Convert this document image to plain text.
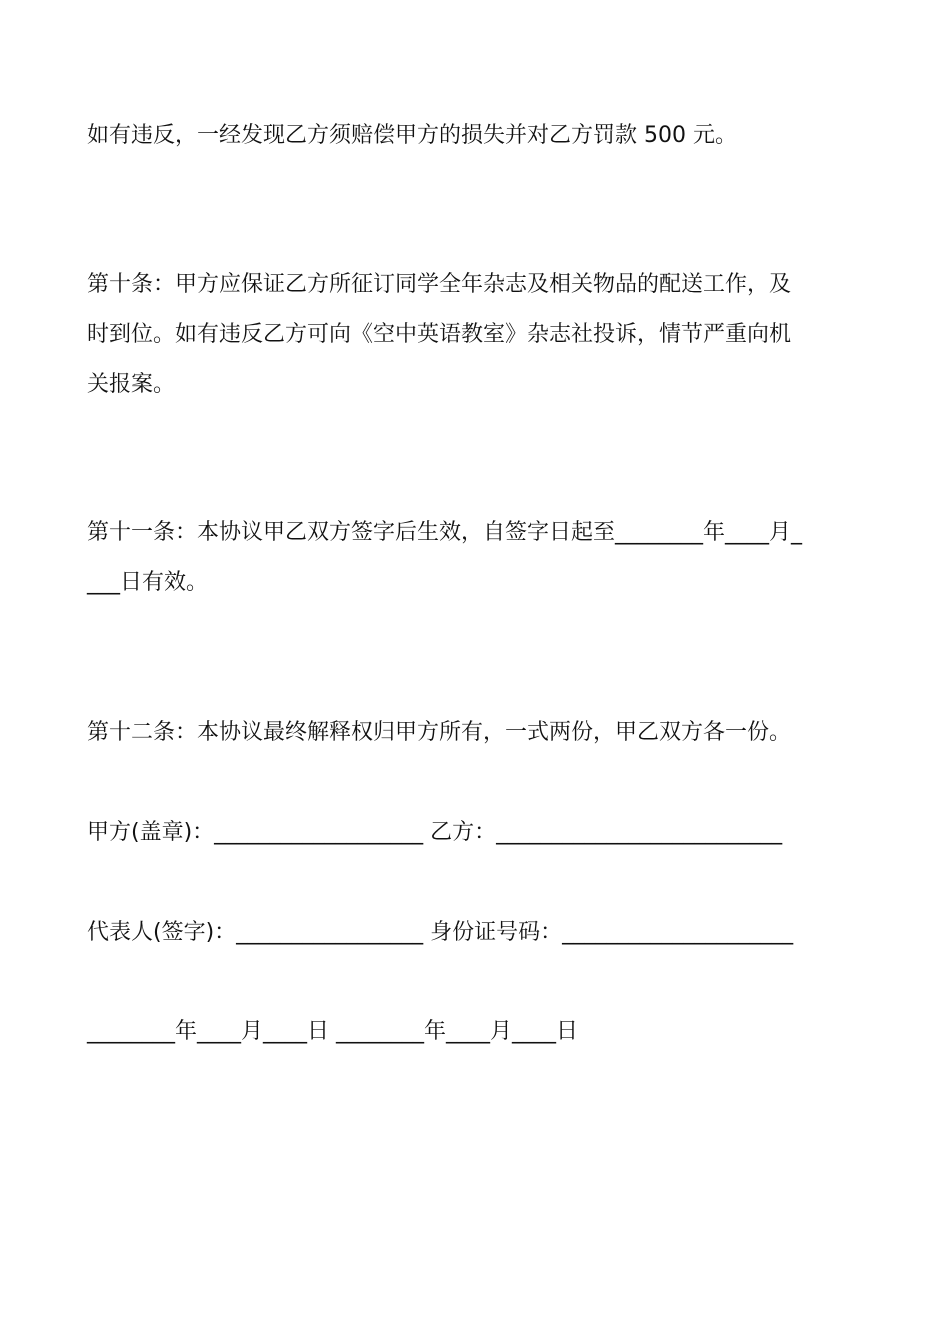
如有违反，一经发现乙方须赔偿甲方的损失并对乙方罚款 500 元。
第十条：甲方应保证乙方所征订同学全年杂志及相关物品的配送工作，及
时到位。如有违反乙方可向《空中英语教室》杂志社投诉，情节严重向机
关报案。
第十一条：本协议甲乙双方签字后生效，自签字日起至________年____月_
___日有效。
第十二条：本协议最终解释权归甲方所有，一式两份，甲乙双方各一份。
甲方(盖章)：___________________ 乙方：__________________________
代表人(签字)：_________________ 身份证号码：_____________________
________年____月____日 ________年____月____日
